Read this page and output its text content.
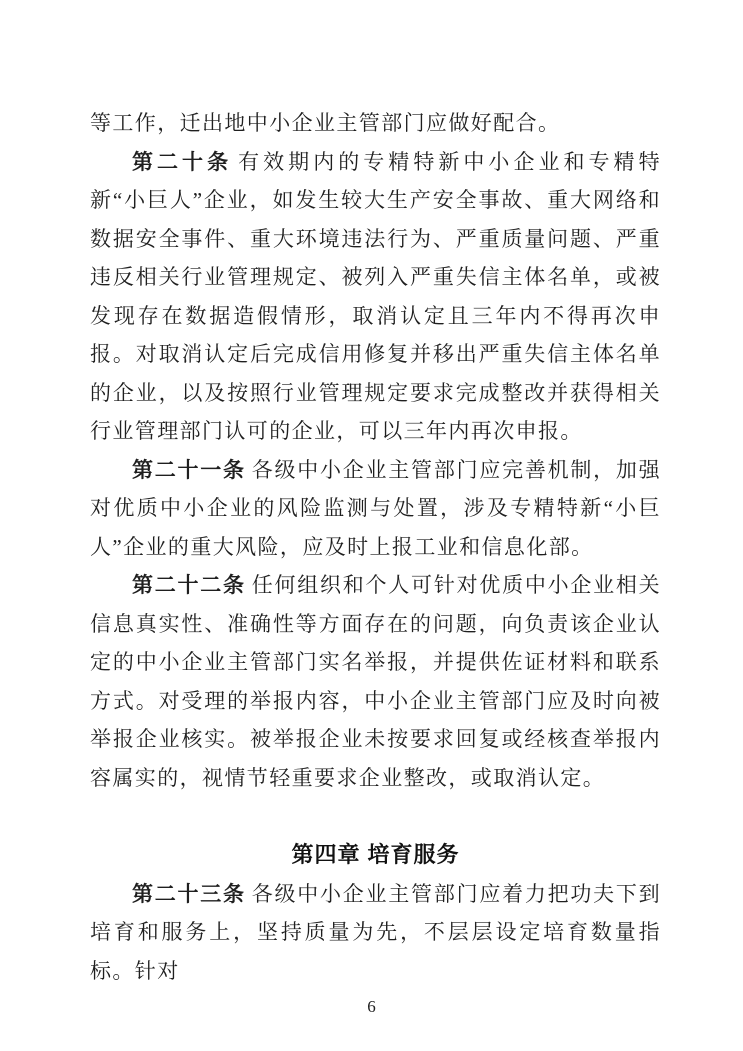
等工作，迁出地中小企业主管部门应做好配合。

第二十条 有效期内的专精特新中小企业和专精特新“小巨人”企业，如发生较大生产安全事故、重大网络和数据安全事件、重大环境违法行为、严重质量问题、严重违反相关行业管理规定、被列入严重失信主体名单，或被发现存在数据造假情形，取消认定且三年内不得再次申报。对取消认定后完成信用修复并移出严重失信主体名单的企业，以及按照行业管理规定要求完成整改并获得相关行业管理部门认可的企业，可以三年内再次申报。

第二十一条 各级中小企业主管部门应完善机制，加强对优质中小企业的风险监测与处置，涉及专精特新“小巨人”企业的重大风险，应及时上报工业和信息化部。

第二十二条 任何组织和个人可针对优质中小企业相关信息真实性、准确性等方面存在的问题，向负责该企业认定的中小企业主管部门实名举报，并提供佐证材料和联系方式。对受理的举报内容，中小企业主管部门应及时向被举报企业核实。被举报企业未按要求回复或经核查举报内容属实的，视情节轻重要求企业整改，或取消认定。

第四章 培育服务

第二十三条 各级中小企业主管部门应着力把功夫下到培育和服务上，坚持质量为先，不层层设定培育数量指标。针对

6
